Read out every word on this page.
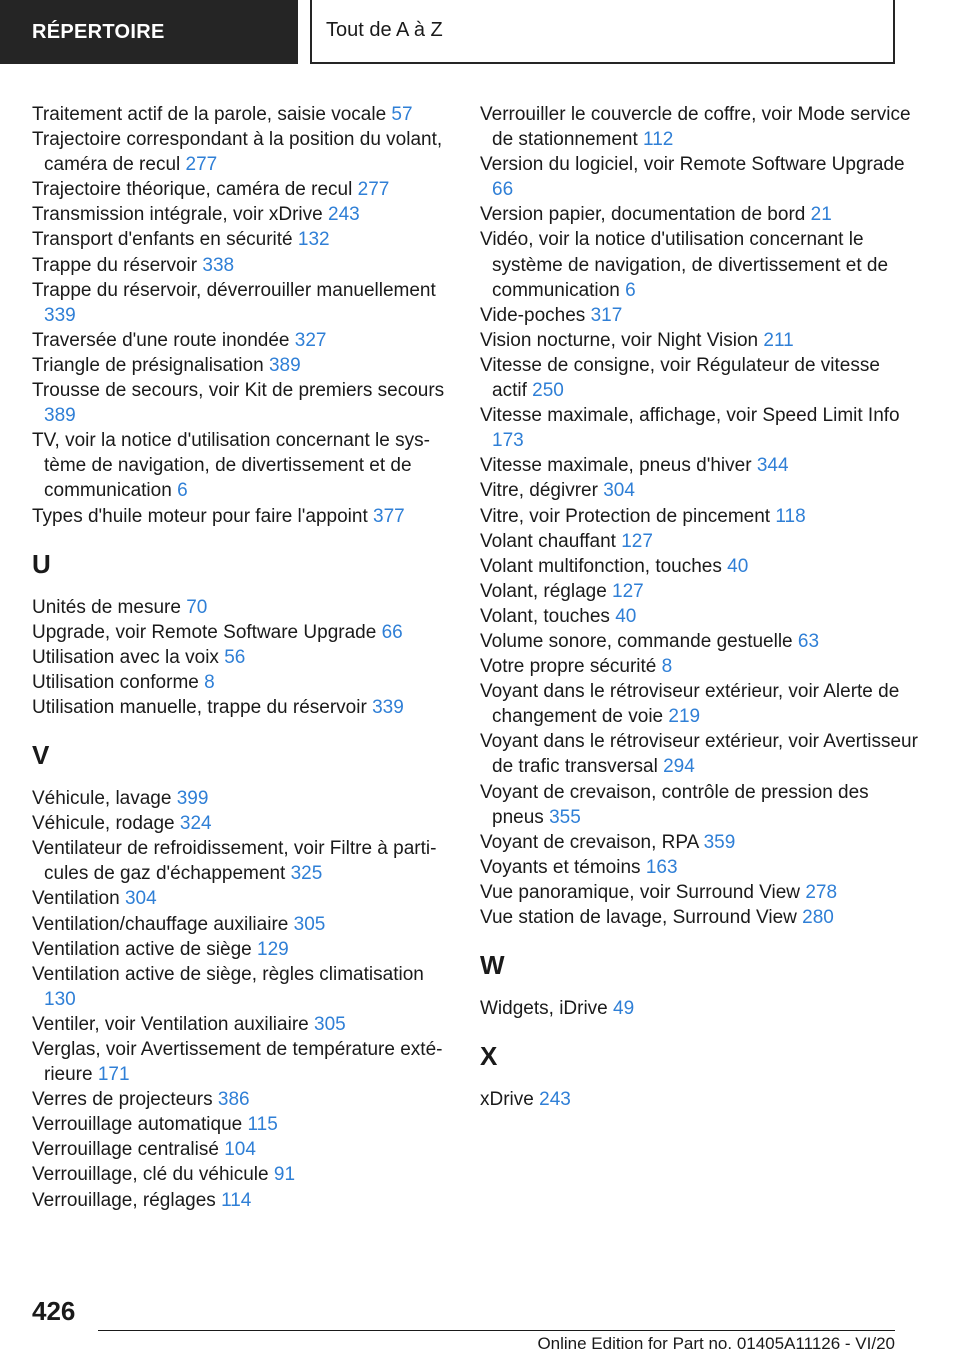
RÉPERTOIRE	Tout de A à Z
Traitement actif de la parole, saisie vocale 57
Trajectoire correspondant à la position du volant, caméra de recul 277
Trajectoire théorique, caméra de recul 277
Transmission intégrale, voir xDrive 243
Transport d'enfants en sécurité 132
Trappe du réservoir 338
Trappe du réservoir, déverrouiller manuellement 339
Traversée d'une route inondée 327
Triangle de présignalisation 389
Trousse de secours, voir Kit de premiers secours 389
TV, voir la notice d'utilisation concernant le système de navigation, de divertissement et de communication 6
Types d'huile moteur pour faire l'appoint 377
U
Unités de mesure 70
Upgrade, voir Remote Software Upgrade 66
Utilisation avec la voix 56
Utilisation conforme 8
Utilisation manuelle, trappe du réservoir 339
V
Véhicule, lavage 399
Véhicule, rodage 324
Ventilateur de refroidissement, voir Filtre à particules de gaz d'échappement 325
Ventilation 304
Ventilation/chauffage auxiliaire 305
Ventilation active de siège 129
Ventilation active de siège, règles climatisation 130
Ventiler, voir Ventilation auxiliaire 305
Verglas, voir Avertissement de température extérieure 171
Verres de projecteurs 386
Verrouillage automatique 115
Verrouillage centralisé 104
Verrouillage, clé du véhicule 91
Verrouillage, réglages 114
Verrouiller le couvercle de coffre, voir Mode service de stationnement 112
Version du logiciel, voir Remote Software Upgrade 66
Version papier, documentation de bord 21
Vidéo, voir la notice d'utilisation concernant le système de navigation, de divertissement et de communication 6
Vide-poches 317
Vision nocturne, voir Night Vision 211
Vitesse de consigne, voir Régulateur de vitesse actif 250
Vitesse maximale, affichage, voir Speed Limit Info 173
Vitesse maximale, pneus d'hiver 344
Vitre, dégivrer 304
Vitre, voir Protection de pincement 118
Volant chauffant 127
Volant multifonction, touches 40
Volant, réglage 127
Volant, touches 40
Volume sonore, commande gestuelle 63
Votre propre sécurité 8
Voyant dans le rétroviseur extérieur, voir Alerte de changement de voie 219
Voyant dans le rétroviseur extérieur, voir Avertisseur de trafic transversal 294
Voyant de crevaison, contrôle de pression des pneus 355
Voyant de crevaison, RPA 359
Voyants et témoins 163
Vue panoramique, voir Surround View 278
Vue station de lavage, Surround View 280
W
Widgets, iDrive 49
X
xDrive 243
426
Online Edition for Part no. 01405A11126 - VI/20
